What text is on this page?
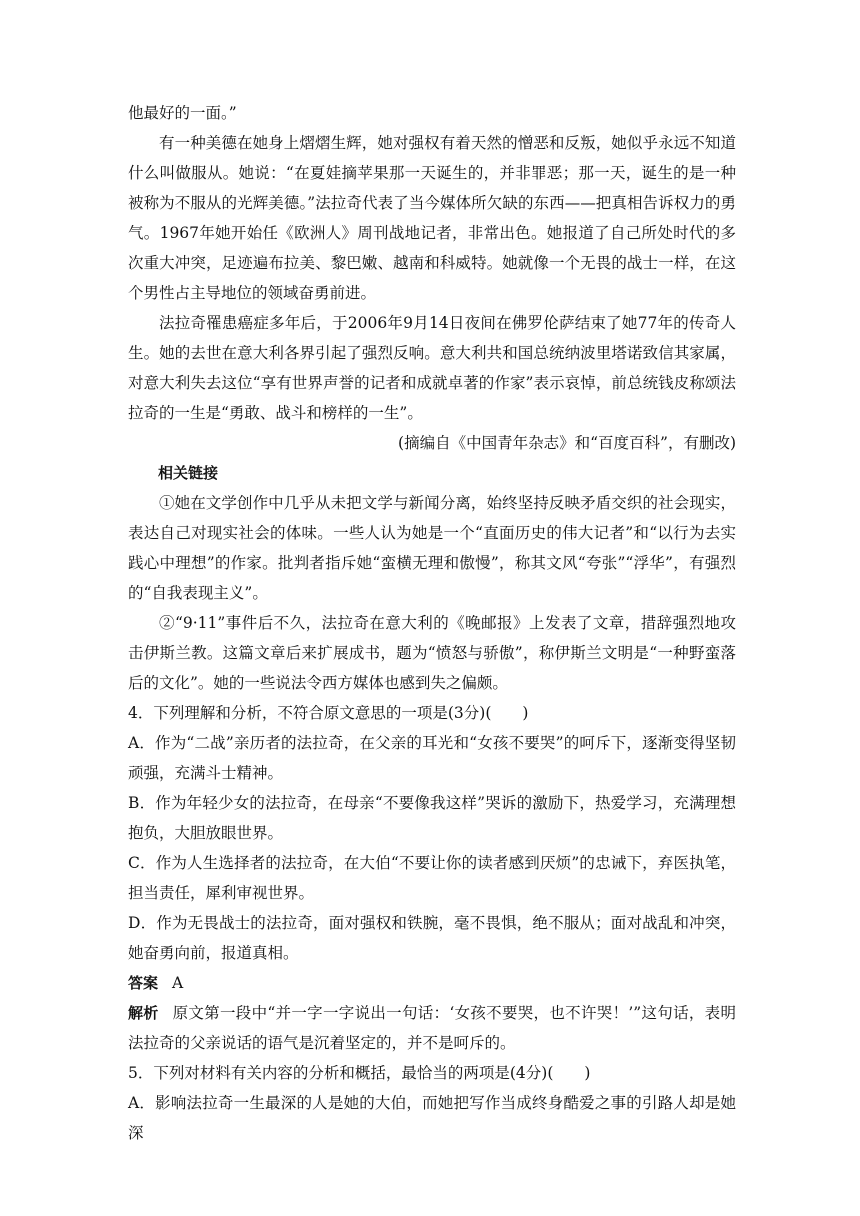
他最好的一面。”

有一种美德在她身上熠熠生辉，她对强权有着天然的憎恶和反叛，她似乎永远不知道什么叫做服从。她说：“在夏娃摘苹果那一天诞生的，并非罪恶；那一天，诞生的是一种被称为不服从的光辉美德。”法拉奇代表了当今媒体所欠缺的东西——把真相告诉权力的勇气。1967年她开始任《欧洲人》周刊战地记者，非常出色。她报道了自己所处时代的多次重大冲突，足迹遍布拉美、黎巴嫩、越南和科威特。她就像一个无畏的战士一样，在这个男性占主导地位的领域奋勇前进。

法拉奇罹患癌症多年后，于2006年9月14日夜间在佛罗伦萨结束了她77年的传奇人生。她的去世在意大利各界引起了强烈反响。意大利共和国总统纳波里塔诺致信其家属，对意大利失去这位“享有世界声誉的记者和成就卓著的作家”表示哀悼，前总统钱皮称颂法拉奇的一生是“勇敢、战斗和榜样的一生”。

(摘编自《中国青年杂志》和“百度百科”，有删改)

相关链接

①她在文学创作中几乎从未把文学与新闻分离，始终坚持反映矛盾交织的社会现实，表达自己对现实社会的体味。一些人认为她是一个“直面历史的伟大记者”和“以行为去实践心中理想”的作家。批判者指斥她“蛮横无理和傲慢”，称其文风“夸张”“浮华”，有强烈的“自我表现主义”。

②“9·11”事件后不久，法拉奇在意大利的《晚邮报》上发表了文章，措辞强烈地攻击伊斯兰教。这篇文章后来扩展成书，题为“愤怒与骄傲”，称伊斯兰文明是“一种野蛮落后的文化”。她的一些说法令西方媒体也感到失之偏颇。

4．下列理解和分析，不符合原文意思的一项是(3分)(　　)

A．作为“二战”亲历者的法拉奇，在父亲的耳光和“女孩不要哭”的呵斥下，逐渐变得坚韧顽强，充满斗士精神。

B．作为年轻少女的法拉奇，在母亲“不要像我这样”哭诉的激励下，热爱学习，充满理想抱负，大胆放眼世界。

C．作为人生选择者的法拉奇，在大伯“不要让你的读者感到厌烦”的忠诫下，弃医执笔，担当责任，犀利审视世界。

D．作为无畏战士的法拉奇，面对强权和铁腕，毫不畏惧，绝不服从；面对战乱和冲突，她奋勇向前，报道真相。

答案 A

解析 原文第一段中“并一字一字说出一句话：‘女孩不要哭，也不许哭！’”这句话，表明法拉奇的父亲说话的语气是沉着坚定的，并不是呵斥的。

5．下列对材料有关内容的分析和概括，最恰当的两项是(4分)(　　)

A．影响法拉奇一生最深的人是她的大伯，而她把写作当成终身酷爱之事的引路人却是她深
